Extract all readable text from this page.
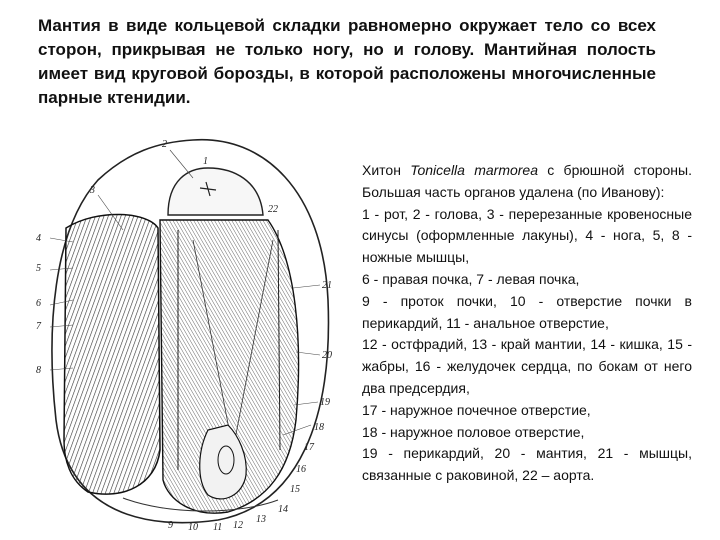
Мантия в виде кольцевой складки равномерно окружает тело со всех сторон, прикрывая не только ногу, но и голову. Мантийная полость имеет вид круговой борозды, в которой расположены многочисленные парные ктенидии.
2
3
4
5
6
7
8
21
20
19
18
17
16
15
14
13
12
11
10
9
1
22

Хитон Tonicella marmorea с брюшной стороны. Большая часть органов удалена (по Иванову):

1 - рот, 2 - голова, 3 - перерезанные кровеносные синусы (оформленные лакуны), 4 - нога, 5, 8 - ножные мышцы,

6 - правая почка, 7 - левая почка,

9 - проток почки, 10 - отверстие почки в перикардий, 11 - анальное отверстие,

12 - остфрадий, 13 - край мантии, 14 - кишка, 15 - жабры, 16 - желудочек сердца, по бокам от него два предсердия,

17 - наружное почечное отверстие,

18 - наружное половое отверстие,

19 - перикардий, 20 - мантия, 21 - мышцы, связанные с раковиной, 22 – аорта.
